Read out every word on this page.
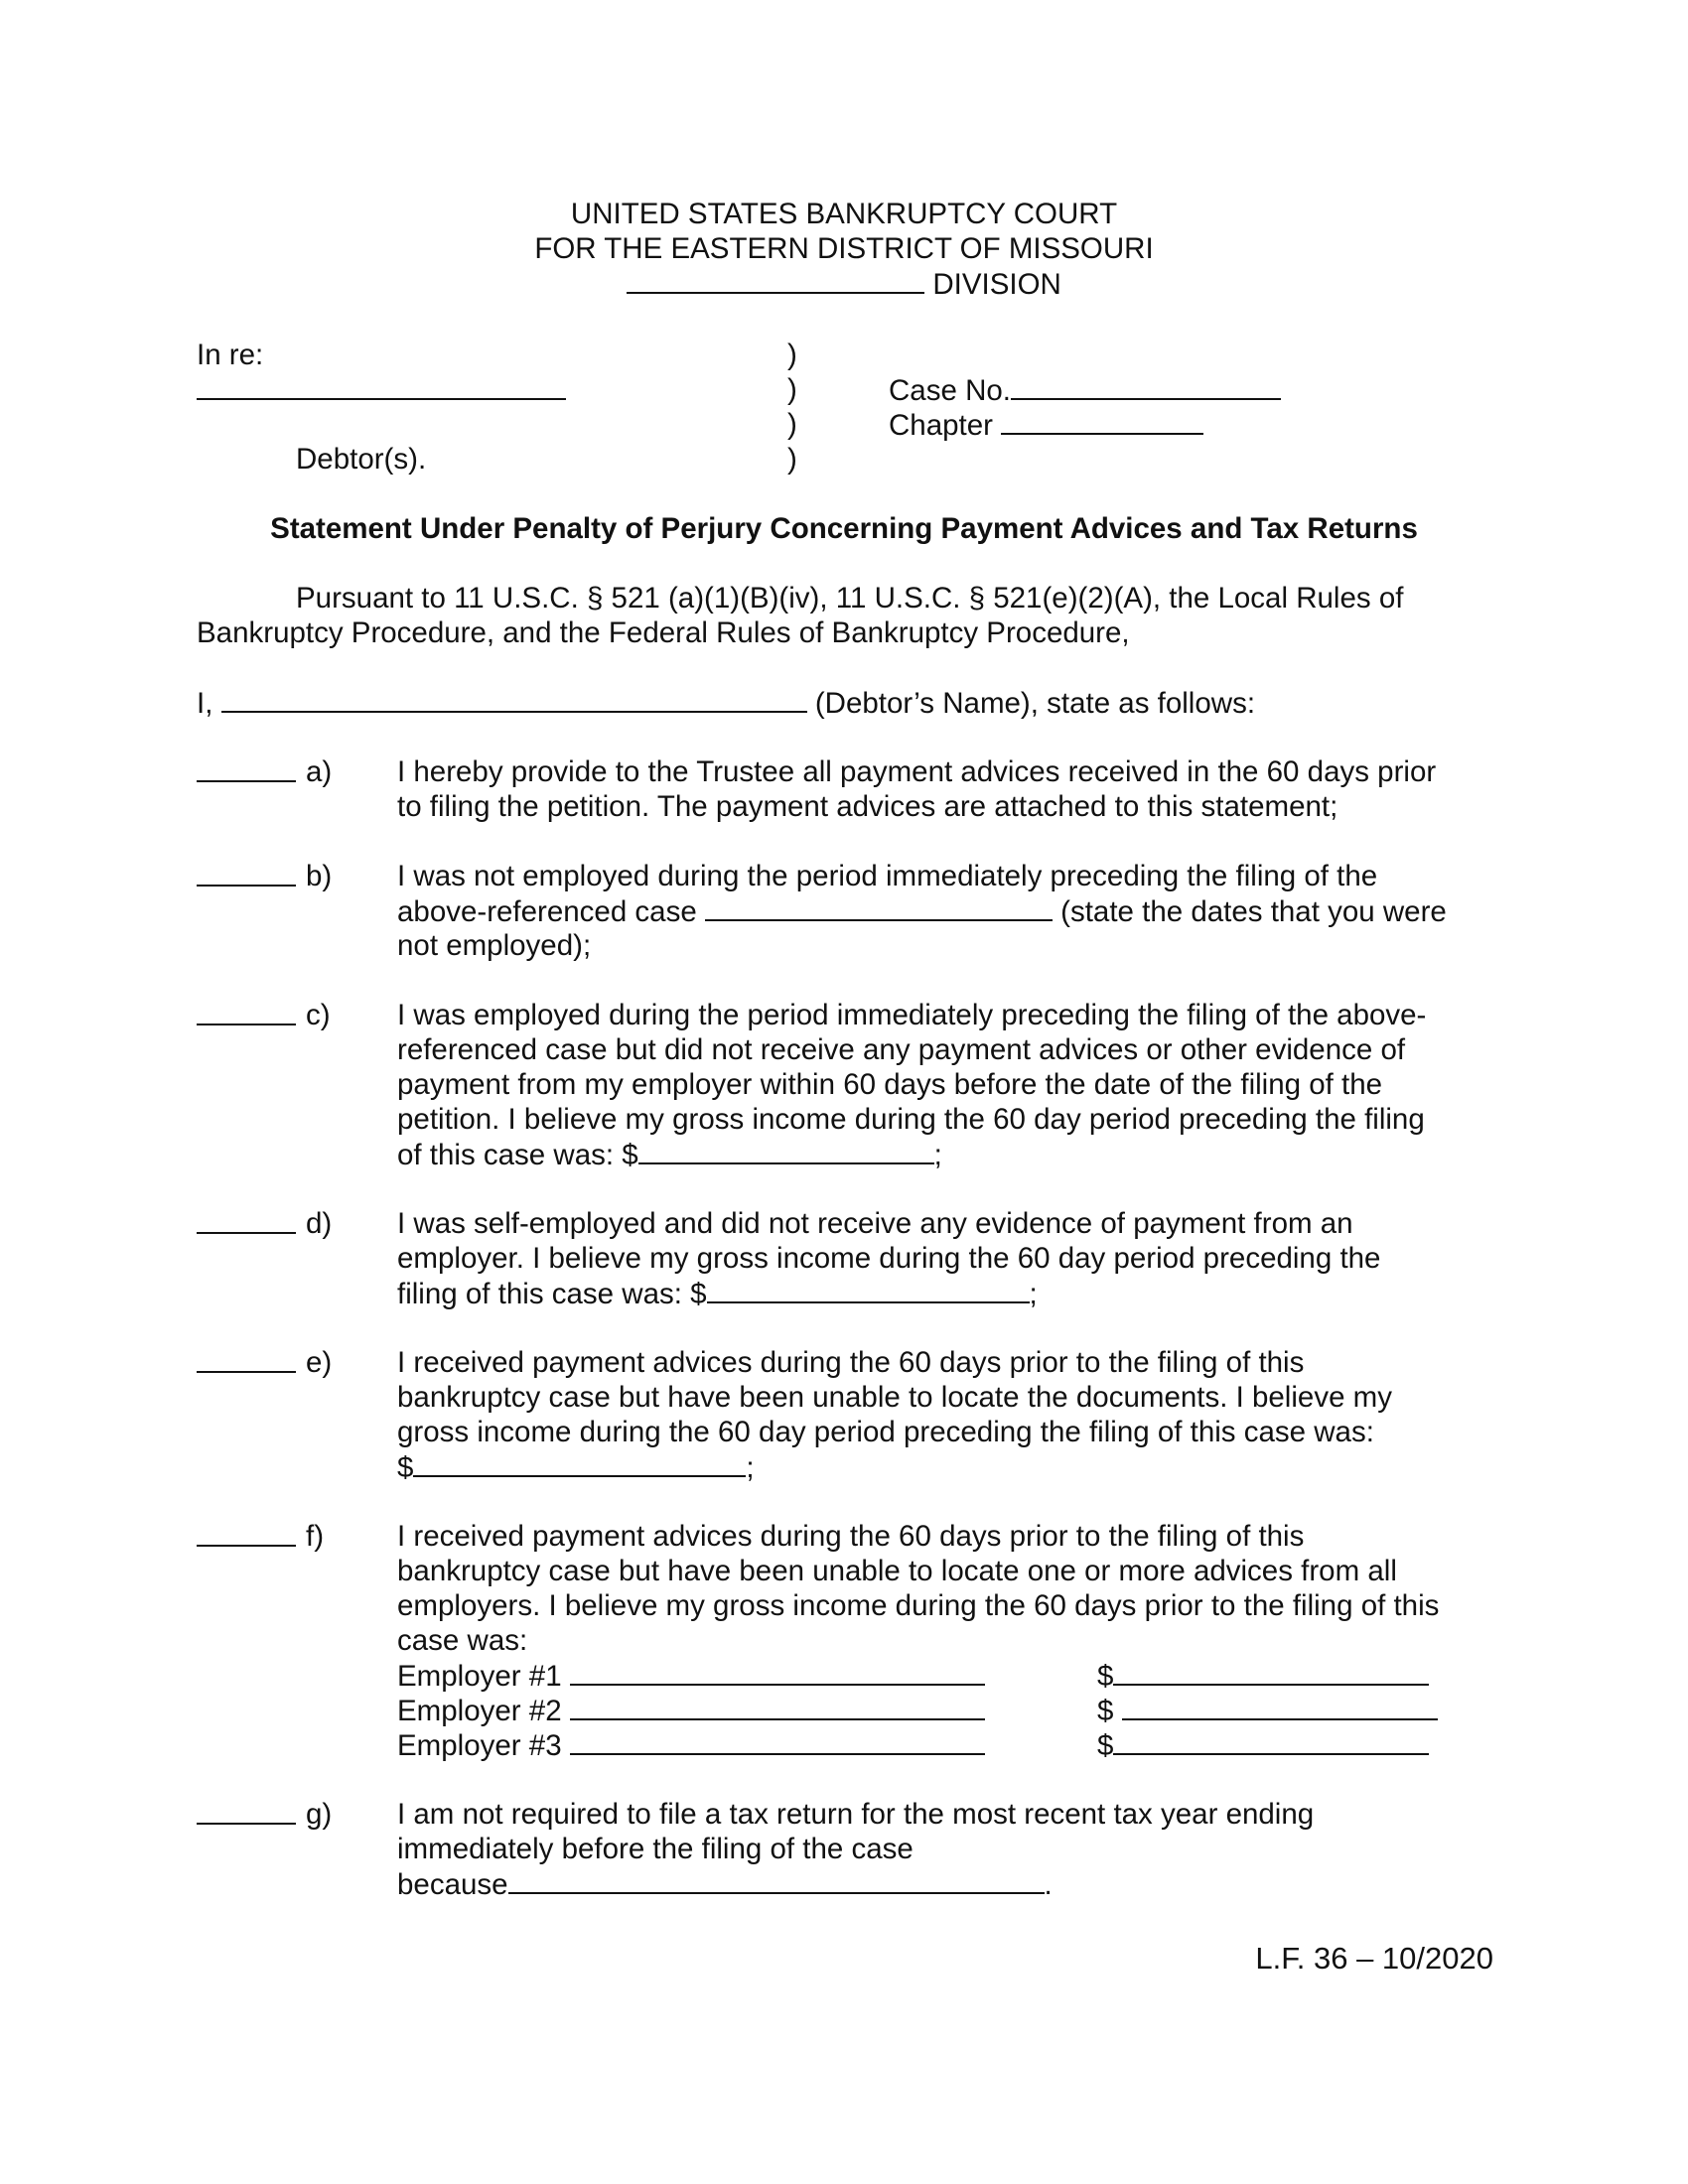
UNITED STATES BANKRUPTCY COURT
FOR THE EASTERN DISTRICT OF MISSOURI
DIVISION
In re:
Debtor(s).
)
)
)
)
Case No.
Chapter
Statement Under Penalty of Perjury Concerning Payment Advices and Tax Returns
Pursuant to 11 U.S.C. § 521 (a)(1)(B)(iv), 11 U.S.C. § 521(e)(2)(A), the Local Rules of
Bankruptcy Procedure, and the Federal Rules of Bankruptcy Procedure,
I,	(Debtor’s Name), state as follows:
a) I hereby provide to the Trustee all payment advices received in the 60 days prior
to filing the petition. The payment advices are attached to this statement;
b) I was not employed during the period immediately preceding the filing of the
above-referenced case	(state the dates that you were
not employed);
c) I was employed during the period immediately preceding the filing of the above-
referenced case but did not receive any payment advices or other evidence of
payment from my employer within 60 days before the date of the filing of the
petition. I believe my gross income during the 60 day period preceding the filing
of this case was: $	;
d) I was self-employed and did not receive any evidence of payment from an
employer. I believe my gross income during the 60 day period preceding the
filing of this case was: $	;
e) I received payment advices during the 60 days prior to the filing of this
bankruptcy case but have been unable to locate the documents. I believe my
gross income during the 60 day period preceding the filing of this case was:
$	;
f)	I received payment advices during the 60 days prior to the filing of this
bankruptcy case but have been unable to locate one or more advices from all
employers. I believe my gross income during the 60 days prior to the filing of this
case was:
Employer #1	$
Employer #2	$
Employer #3	$
g) I am not required to file a tax return for the most recent tax year ending
immediately before the filing of the case
because	.
L.F. 36 – 10/2020
